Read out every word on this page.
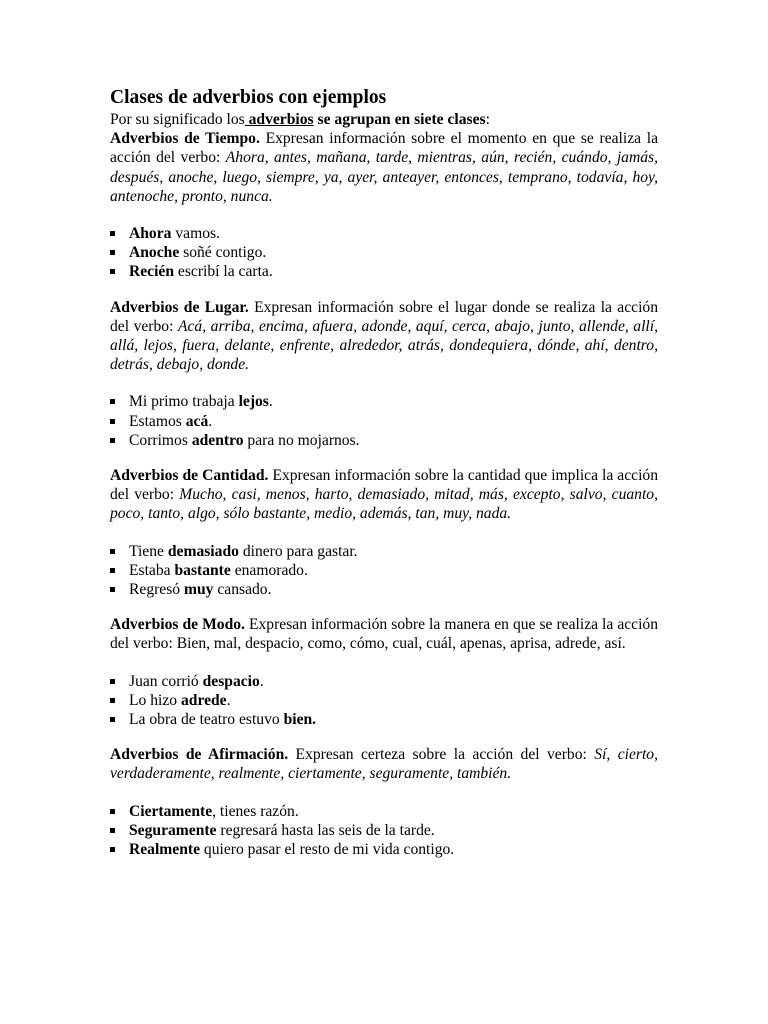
Clases de adverbios con ejemplos

Por su significado los adverbios se agrupan en siete clases:

Adverbios de Tiempo. Expresan información sobre el momento en que se realiza la acción del verbo: Ahora, antes, mañana, tarde, mientras, aún, recién, cuándo, jamás, después, anoche, luego, siempre, ya, ayer, anteayer, entonces, temprano, todavía, hoy, antenoche, pronto, nunca.

Ahora vamos.
Anoche soñé contigo.
Recién escribí la carta.

Adverbios de Lugar. Expresan información sobre el lugar donde se realiza la acción del verbo: Acá, arriba, encima, afuera, adonde, aquí, cerca, abajo, junto, allende, allí, allá, lejos, fuera, delante, enfrente, alrededor, atrás, dondequiera, dónde, ahí, dentro, detrás, debajo, donde.

Mi primo trabaja lejos.
Estamos acá.
Corrimos adentro para no mojarnos.

Adverbios de Cantidad. Expresan información sobre la cantidad que implica la acción del verbo: Mucho, casi, menos, harto, demasiado, mitad, más, excepto, salvo, cuanto, poco, tanto, algo, sólo bastante, medio, además, tan, muy, nada.

Tiene demasiado dinero para gastar.
Estaba bastante enamorado.
Regresó muy cansado.

Adverbios de Modo. Expresan información sobre la manera en que se realiza la acción del verbo: Bien, mal, despacio, como, cómo, cual, cuál, apenas, aprisa, adrede, así.

Juan corrió despacio.
Lo hizo adrede.
La obra de teatro estuvo bien.

Adverbios de Afirmación. Expresan certeza sobre la acción del verbo: Sí, cierto, verdaderamente, realmente, ciertamente, seguramente, también.

Ciertamente, tienes razón.
Seguramente regresará hasta las seis de la tarde.
Realmente quiero pasar el resto de mi vida contigo.
